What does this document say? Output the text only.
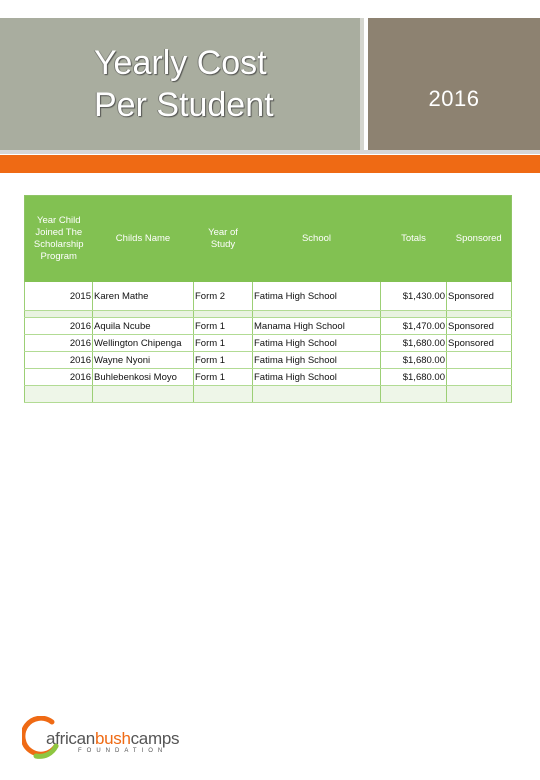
Yearly Cost
Per Student	2016
Year Child Joined The Scholarship Program	Childs Name	Year of Study	School	Totals	Sponsored
2015	Karen Mathe	Form 2	Fatima High School	$1,430.00	Sponsored

2016	Aquila Ncube	Form 1	Manama High School	$1,470.00	Sponsored
2016	Wellington Chipenga	Form 1	Fatima High School	$1,680.00	Sponsored
2016	Wayne Nyoni	Form 1	Fatima High School	$1,680.00	
2016	Buhlebenkosi Moyo	Form 1	Fatima High School	$1,680.00	

africanbushcamps
FOUNDATION
